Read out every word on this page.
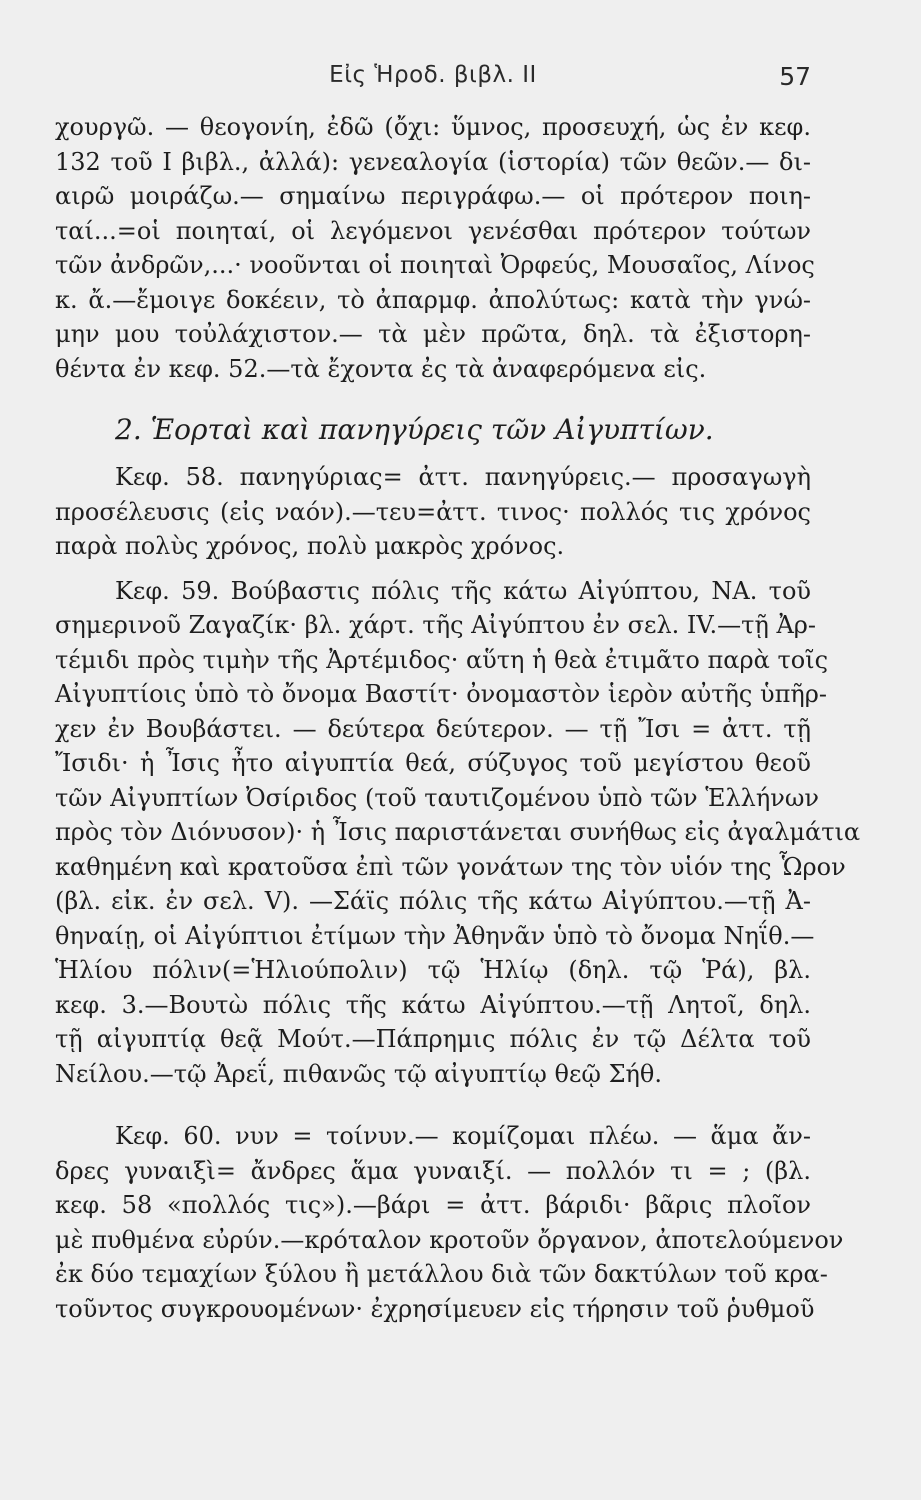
Εἰς Ἡροδ. βιβλ. II	57
χουργῶ. — θεογονίη, ἐδῶ (ὄχι: ὕμνος, προσευχή, ὡς ἐν κεφ.
132 τοῦ Ι βιβλ., ἀλλά): γενεαλογία (ἱστορία) τῶν θεῶν.— δι-
αιρῶ μοιράζω.— σημαίνω περιγράφω.— οἱ πρότερον ποιη-
ταί...=οἱ ποιηταί, οἱ λεγόμενοι γενέσθαι πρότερον τούτων
τῶν ἀνδρῶν,...· νοοῦνται οἱ ποιηταὶ Ὀρφεύς, Μουσαῖος, Λίνος
κ. ἄ.—ἔμοιγε δοκέειν, τὸ ἀπαρμφ. ἀπολύτως: κατὰ τὴν γνώ-
μην μου τοὐλάχιστον.— τὰ μὲν πρῶτα, δηλ. τὰ ἐξιστορη-
θέντα ἐν κεφ. 52.—τὰ ἔχοντα ἐς τὰ ἀναφερόμενα εἰς.
2. Ἑορταὶ καὶ πανηγύρεις τῶν Αἰγυπτίων.
Κεφ. 58. πανηγύριας= ἀττ. πανηγύρεις.— προσαγωγὴ
προσέλευσις (εἰς ναόν).—τευ=ἀττ. τινος· πολλός τις χρόνος
παρὰ πολὺς χρόνος, πολὺ μακρὸς χρόνος.
Κεφ. 59. Βούβαστις πόλις τῆς κάτω Αἰγύπτου, ΝΑ. τοῦ
σημερινοῦ Ζαγαζίκ· βλ. χάρτ. τῆς Αἰγύπτου ἐν σελ. IV.—τῇ Ἀρ-
τέμιδι πρὸς τιμὴν τῆς Ἀρτέμιδος· αὕτη ἡ θεὰ ἐτιμᾶτο παρὰ τοῖς
Αἰγυπτίοις ὑπὸ τὸ ὄνομα Βαστίτ· ὀνομαστὸν ἱερὸν αὐτῆς ὑπῆρ-
χεν ἐν Βουβάστει. — δεύτερα δεύτερον. — τῇ Ἴσι = ἀττ. τῇ
Ἴσιδι· ἡ Ἶσις ἦτο αἰγυπτία θεά, σύζυγος τοῦ μεγίστου θεοῦ
τῶν Αἰγυπτίων Ὀσίριδος (τοῦ ταυτιζομένου ὑπὸ τῶν Ἑλλήνων
πρὸς τὸν Διόνυσον)· ἡ Ἶσις παριστάνεται συνήθως εἰς ἀγαλμάτια
καθημένη καὶ κρατοῦσα ἐπὶ τῶν γονάτων της τὸν υἱόν της Ὧρον
(βλ. εἰκ. ἐν σελ. V). —Σάϊς πόλις τῆς κάτω Αἰγύπτου.—τῇ Ἀ-
θηναίῃ, οἱ Αἰγύπτιοι ἐτίμων τὴν Ἀθηνᾶν ὑπὸ τὸ ὄνομα Νηΐθ.—
Ἡλίου πόλιν(=Ἡλιούπολιν) τῷ Ἡλίῳ (δηλ. τῷ Ῥά), βλ.
κεφ. 3.—Βουτὼ πόλις τῆς κάτω Αἰγύπτου.—τῇ Λητοῖ, δηλ.
τῇ αἰγυπτίᾳ θεᾷ Μούτ.—Πάπρημις πόλις ἐν τῷ Δέλτα τοῦ
Νείλου.—τῷ Ἀρεΐ, πιθανῶς τῷ αἰγυπτίῳ θεῷ Σήθ.
Κεφ. 60. νυν = τοίνυν.— κομίζομαι πλέω. — ἅμα ἄν-
δρες γυναιξὶ= ἄνδρες ἅμα γυναιξί. — πολλόν τι = ; (βλ.
κεφ. 58 «πολλός τις»).—βάρι = ἀττ. βάριδι· βᾶρις πλοῖον
μὲ πυθμένα εὐρύν.—κρόταλον κροτοῦν ὄργανον, ἀποτελούμενον
ἐκ δύο τεμαχίων ξύλου ἢ μετάλλου διὰ τῶν δακτύλων τοῦ κρα-
τοῦντος συγκρουομένων· ἐχρησίμευεν εἰς τήρησιν τοῦ ῥυθμοῦ
